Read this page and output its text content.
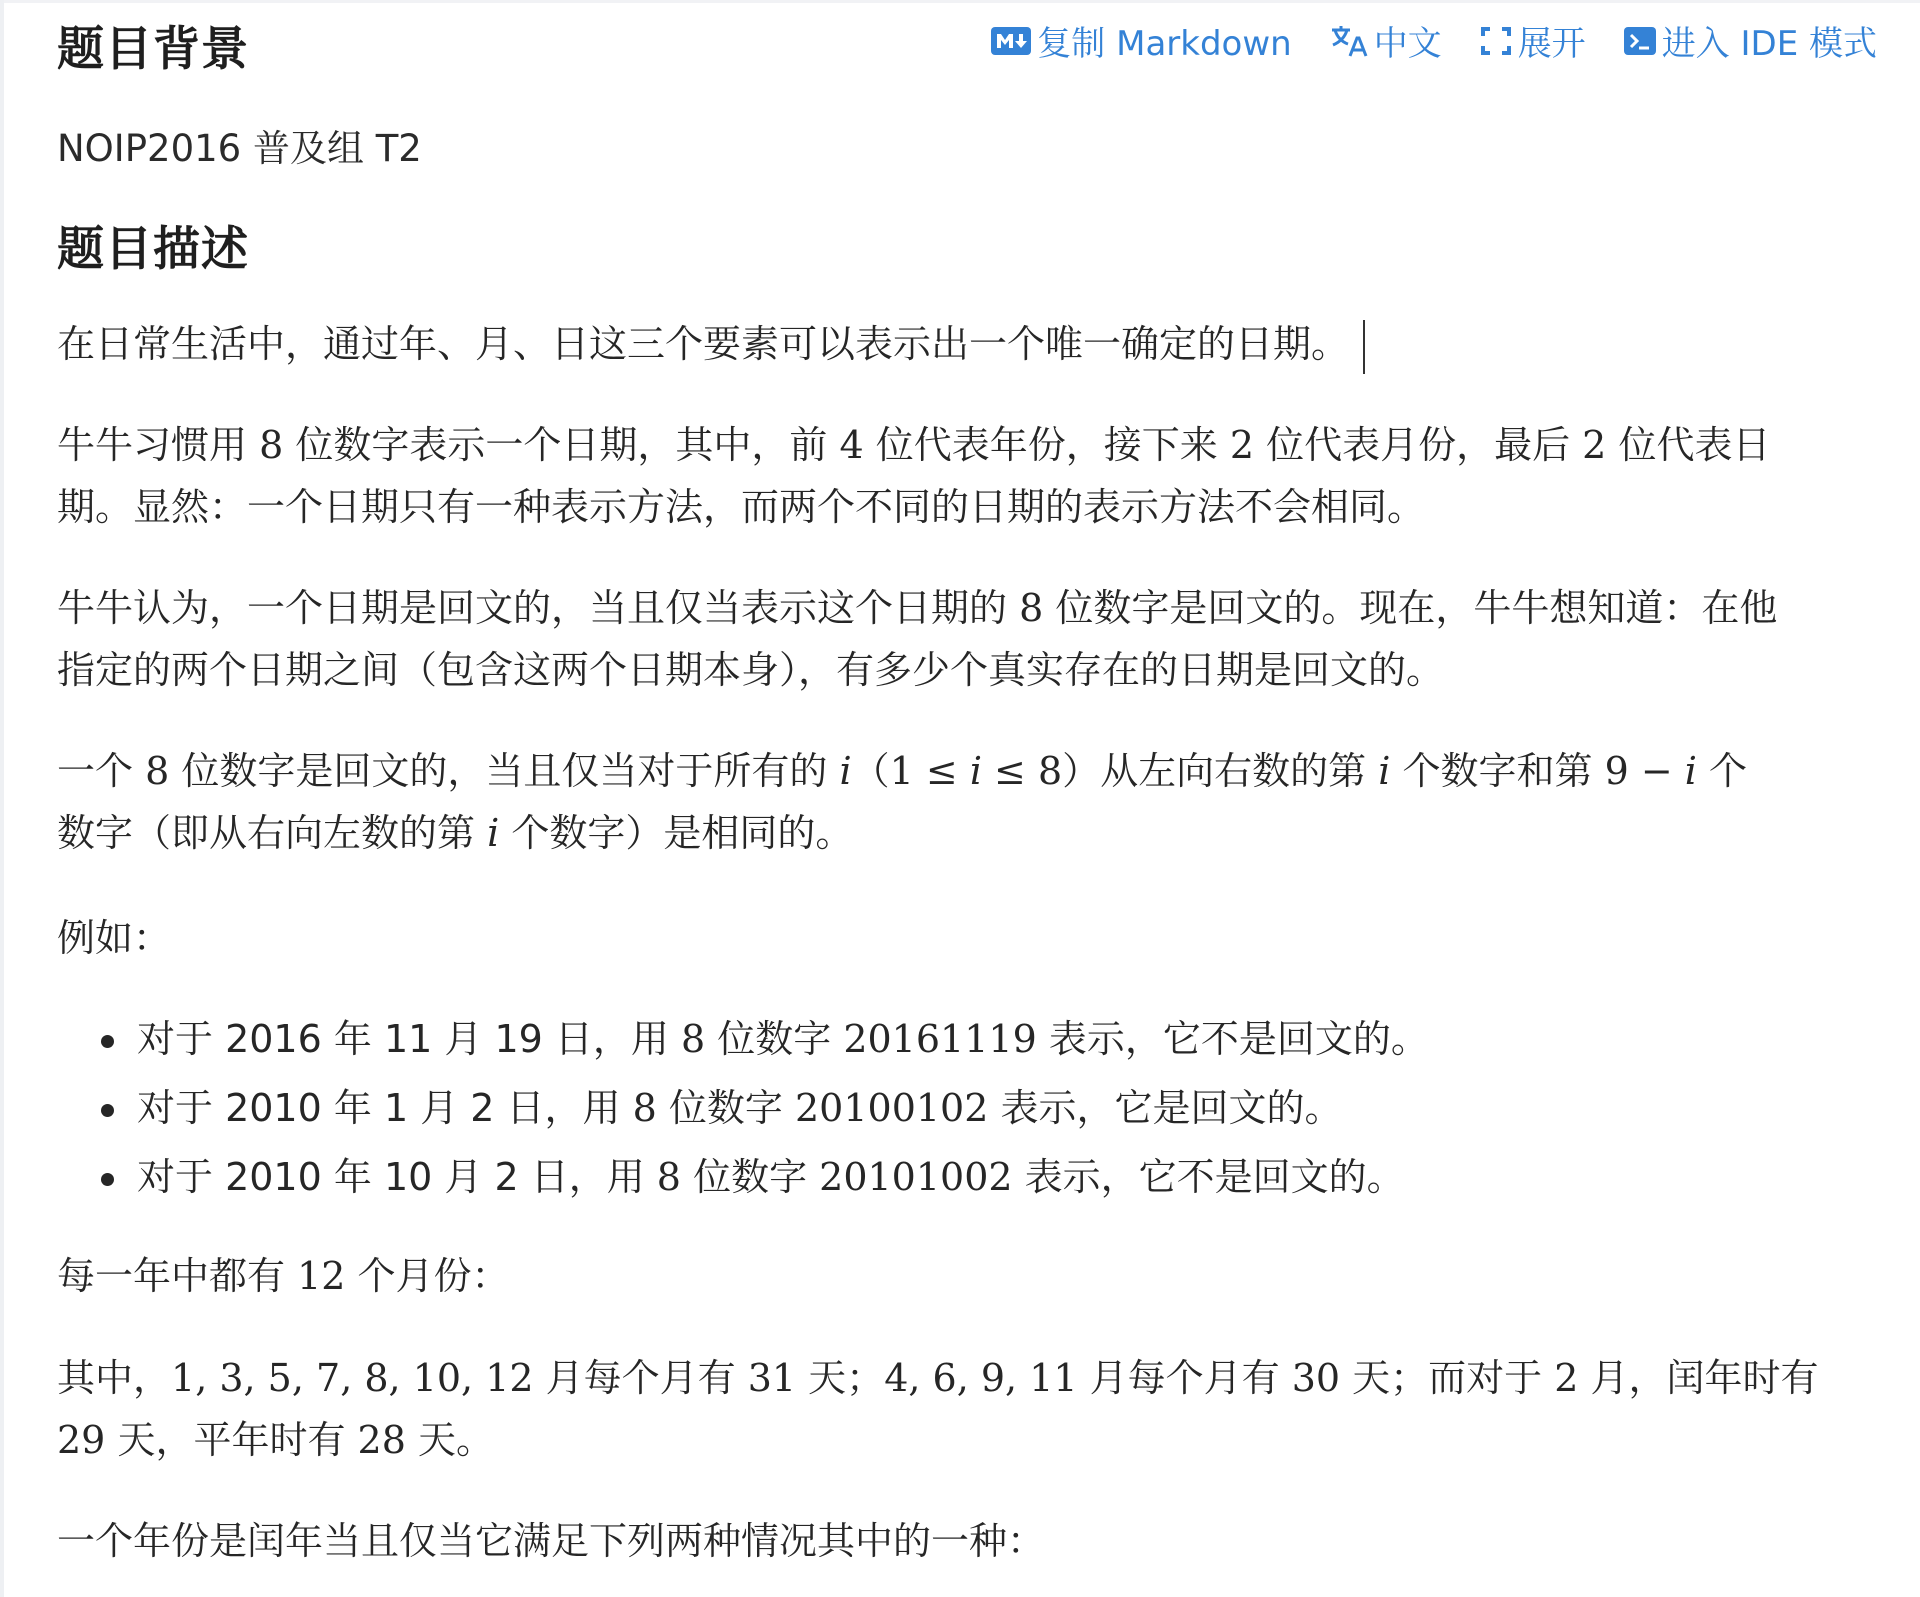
复制 Markdown 中文 展开 进入 IDE 模式
题目背景
NOIP2016 普及组 T2
题目描述
在日常生活中，通过年、月、日这三个要素可以表示出一个唯一确定的日期。
牛牛习惯用 8 位数字表示一个日期，其中，前 4 位代表年份，接下来 2 位代表月份，最后 2 位代表日
期。显然：一个日期只有一种表示方法，而两个不同的日期的表示方法不会相同。
牛牛认为，一个日期是回文的，当且仅当表示这个日期的 8 位数字是回文的。现在，牛牛想知道：在他
指定的两个日期之间（包含这两个日期本身），有多少个真实存在的日期是回文的。
一个 8 位数字是回文的，当且仅当对于所有的 i（1 ≤ i ≤ 8）从左向右数的第 i 个数字和第 9 − i 个
数字（即从右向左数的第 i 个数字）是相同的。
例如：
对于 2016 年 11 月 19 日，用 8 位数字 20161119 表示，它不是回文的。
对于 2010 年 1 月 2 日，用 8 位数字 20100102 表示，它是回文的。
对于 2010 年 10 月 2 日，用 8 位数字 20101002 表示，它不是回文的。
每一年中都有 12 个月份：
其中，1, 3, 5, 7, 8, 10, 12 月每个月有 31 天；4, 6, 9, 11 月每个月有 30 天；而对于 2 月，闰年时有
29 天，平年时有 28 天。
一个年份是闰年当且仅当它满足下列两种情况其中的一种：
